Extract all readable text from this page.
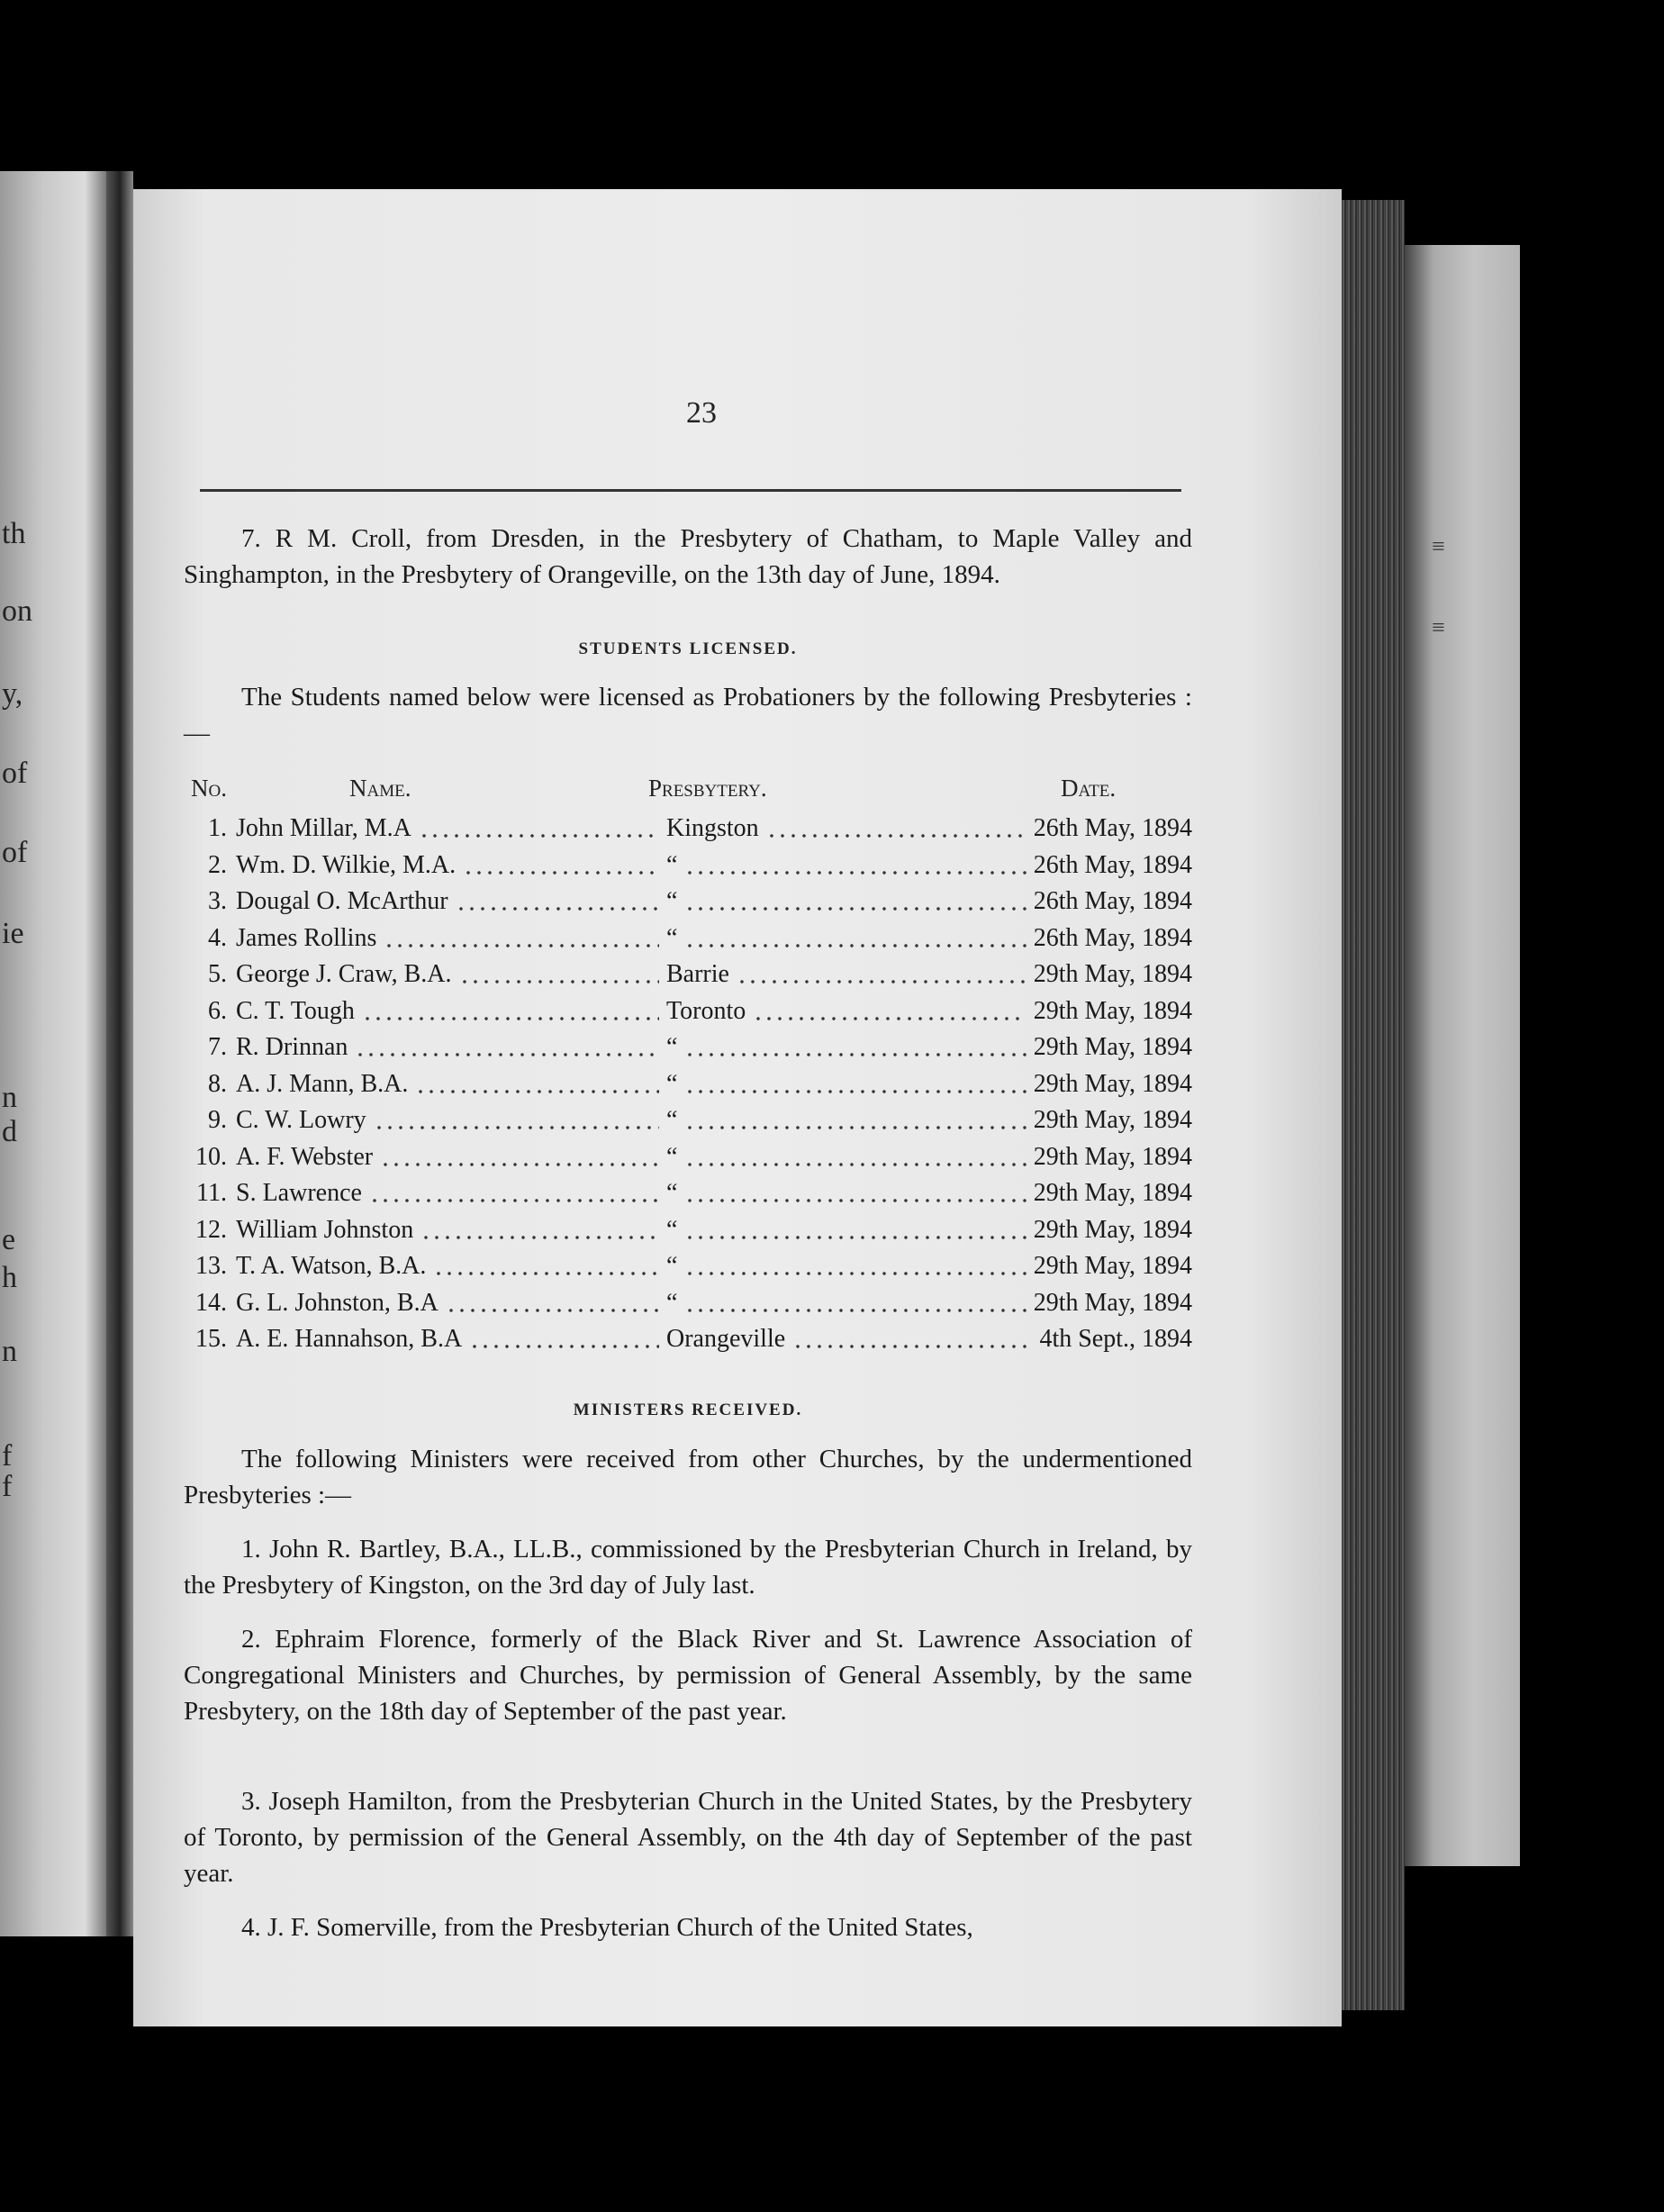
th
on
y,
of
of
ie
n
d
e
h
n
f
f
≡
≡
23
7. R M. Croll, from Dresden, in the Presbytery of Chatham, to Maple Valley and Singhampton, in the Presbytery of Orangeville, on the 13th day of June, 1894.
STUDENTS LICENSED.
The Students named below were licensed as Probationers by the following Presbyteries :—
No.	Name.	Presbytery.	Date.
1. John Millar, M.A	Kingston	26th May, 1894
2. Wm. D. Wilkie, M.A.	“	26th May, 1894
3. Dougal O. McArthur	“	26th May, 1894
4. James Rollins	“	26th May, 1894
5. George J. Craw, B.A.	Barrie	29th May, 1894
6. C. T. Tough	Toronto	29th May, 1894
7. R. Drinnan	“	29th May, 1894
8. A. J. Mann, B.A.	“	29th May, 1894
9. C. W. Lowry	“	29th May, 1894
10. A. F. Webster	“	29th May, 1894
11. S. Lawrence	“	29th May, 1894
12. William Johnston	“	29th May, 1894
13. T. A. Watson, B.A.	“	29th May, 1894
14. G. L. Johnston, B.A	“	29th May, 1894
15. A. E. Hannahson, B.A	Orangeville	4th Sept., 1894
MINISTERS RECEIVED.
The following Ministers were received from other Churches, by the undermentioned Presbyteries :—
1. John R. Bartley, B.A., LL.B., commissioned by the Presbyterian Church in Ireland, by the Presbytery of Kingston, on the 3rd day of July last.
2. Ephraim Florence, formerly of the Black River and St. Lawrence Association of Congregational Ministers and Churches, by permission of General Assembly, by the same Presbytery, on the 18th day of September of the past year.
3. Joseph Hamilton, from the Presbyterian Church in the United States, by the Presbytery of Toronto, by permission of the General Assembly, on the 4th day of September of the past year.
4. J. F. Somerville, from the Presbyterian Church of the United States,
